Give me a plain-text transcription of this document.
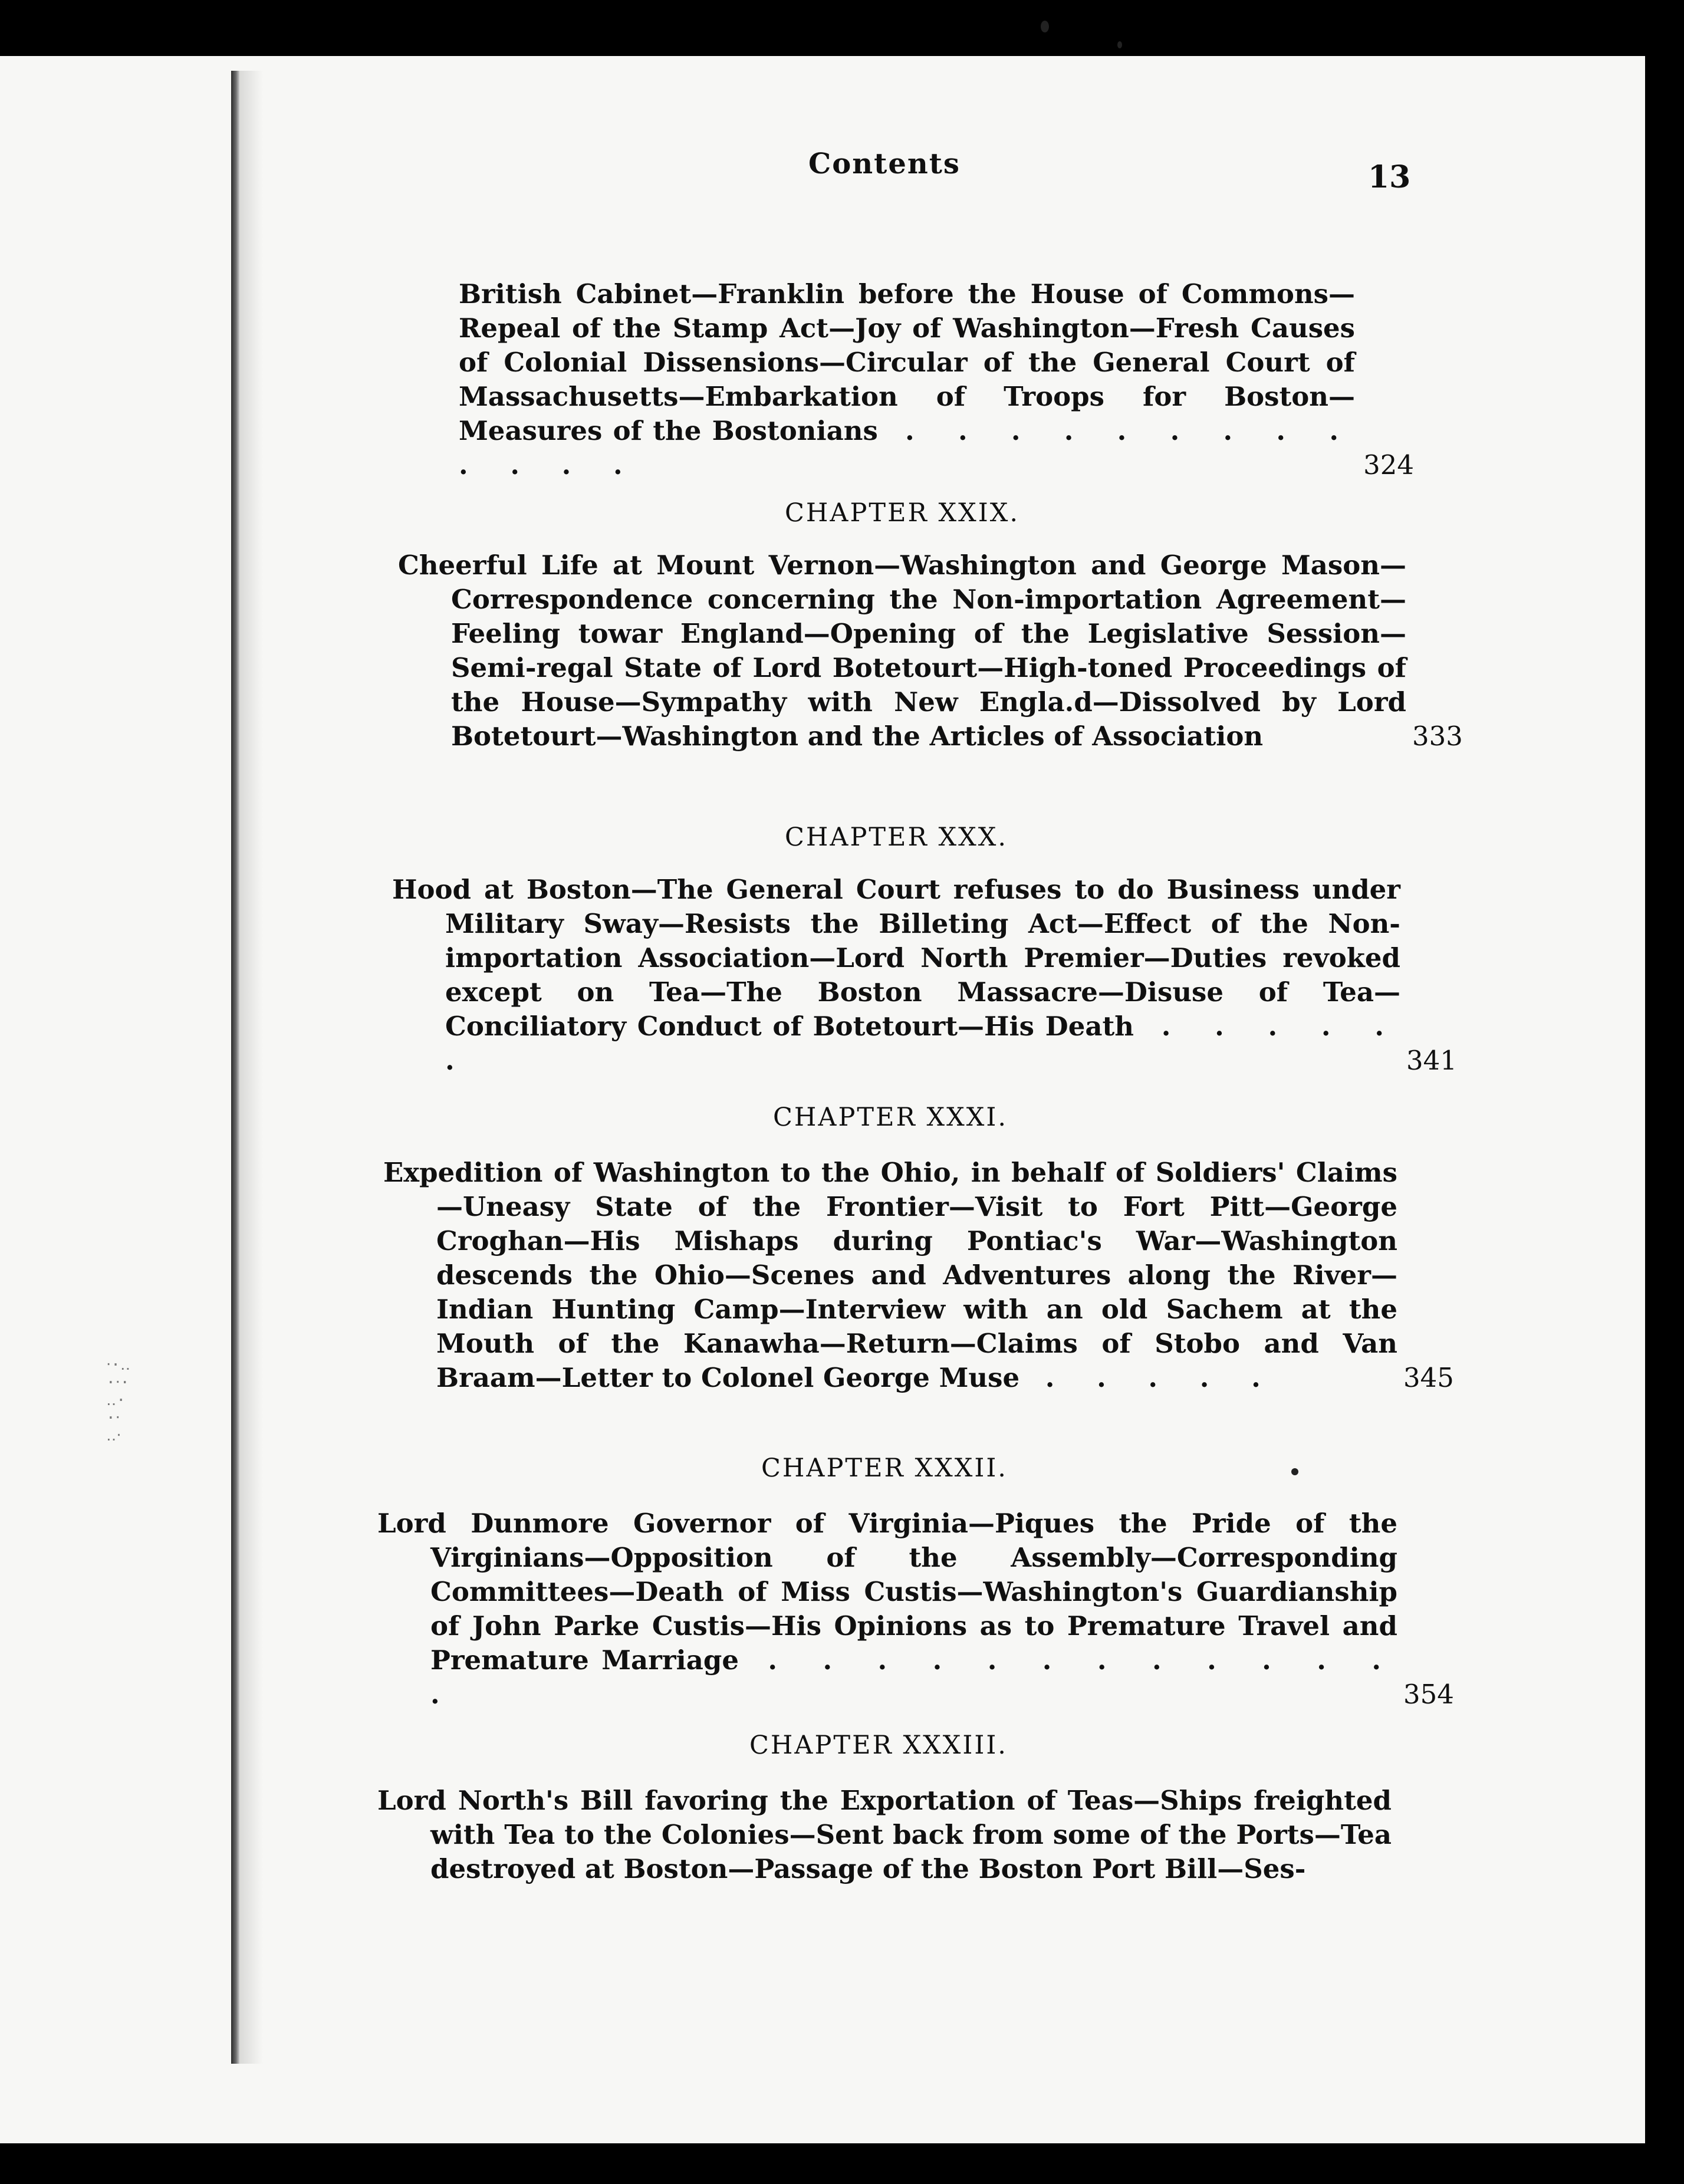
Contents	13
British Cabinet—Franklin before the House of Commons—Repeal of the Stamp Act—Joy of Washington—Fresh Causes of Colonial Dissensions—Circular of the General Court of Massachusetts—Embarkation of Troops for Boston—Measures of the Bostonians . . . . . . . . . . . . .	324
CHAPTER XXIX.
Cheerful Life at Mount Vernon—Washington and George Mason—Correspondence concerning the Non-importation Agreement—Feeling towar England—Opening of the Legislative Session—Semi-regal State of Lord Botetourt—High-toned Proceedings of the House—Sympathy with New Engla.d—Dissolved by Lord Botetourt—Washington and the Articles of Association	333
CHAPTER XXX.
Hood at Boston—The General Court refuses to do Business under Military Sway—Resists the Billeting Act—Effect of the Non-importation Association—Lord North Premier—Duties revoked except on Tea—The Boston Massacre—Disuse of Tea—Conciliatory Conduct of Botetourt—His Death . . . . . .	341
CHAPTER XXXI.
Expedition of Washington to the Ohio, in behalf of Soldiers' Claims—Uneasy State of the Frontier—Visit to Fort Pitt—George Croghan—His Mishaps during Pontiac's War—Washington descends the Ohio—Scenes and Adventures along the River—Indian Hunting Camp—Interview with an old Sachem at the Mouth of the Kanawha—Return—Claims of Stobo and Van Braam—Letter to Colonel George Muse . . . . .	345
CHAPTER XXXII.
Lord Dunmore Governor of Virginia—Piques the Pride of the Virginians—Opposition of the Assembly—Corresponding Committees—Death of Miss Custis—Washington's Guardianship of John Parke Custis—His Opinions as to Premature Travel and Premature Marriage . . . . . . . . . . . . .	354
CHAPTER XXXIII.
Lord North's Bill favoring the Exportation of Teas—Ships freighted with Tea to the Colonies—Sent back from some of the Ports—Tea destroyed at Boston—Passage of the Boston Port Bill—Ses-
‧·‥
·‧·
‥·
·‧
‥‧
